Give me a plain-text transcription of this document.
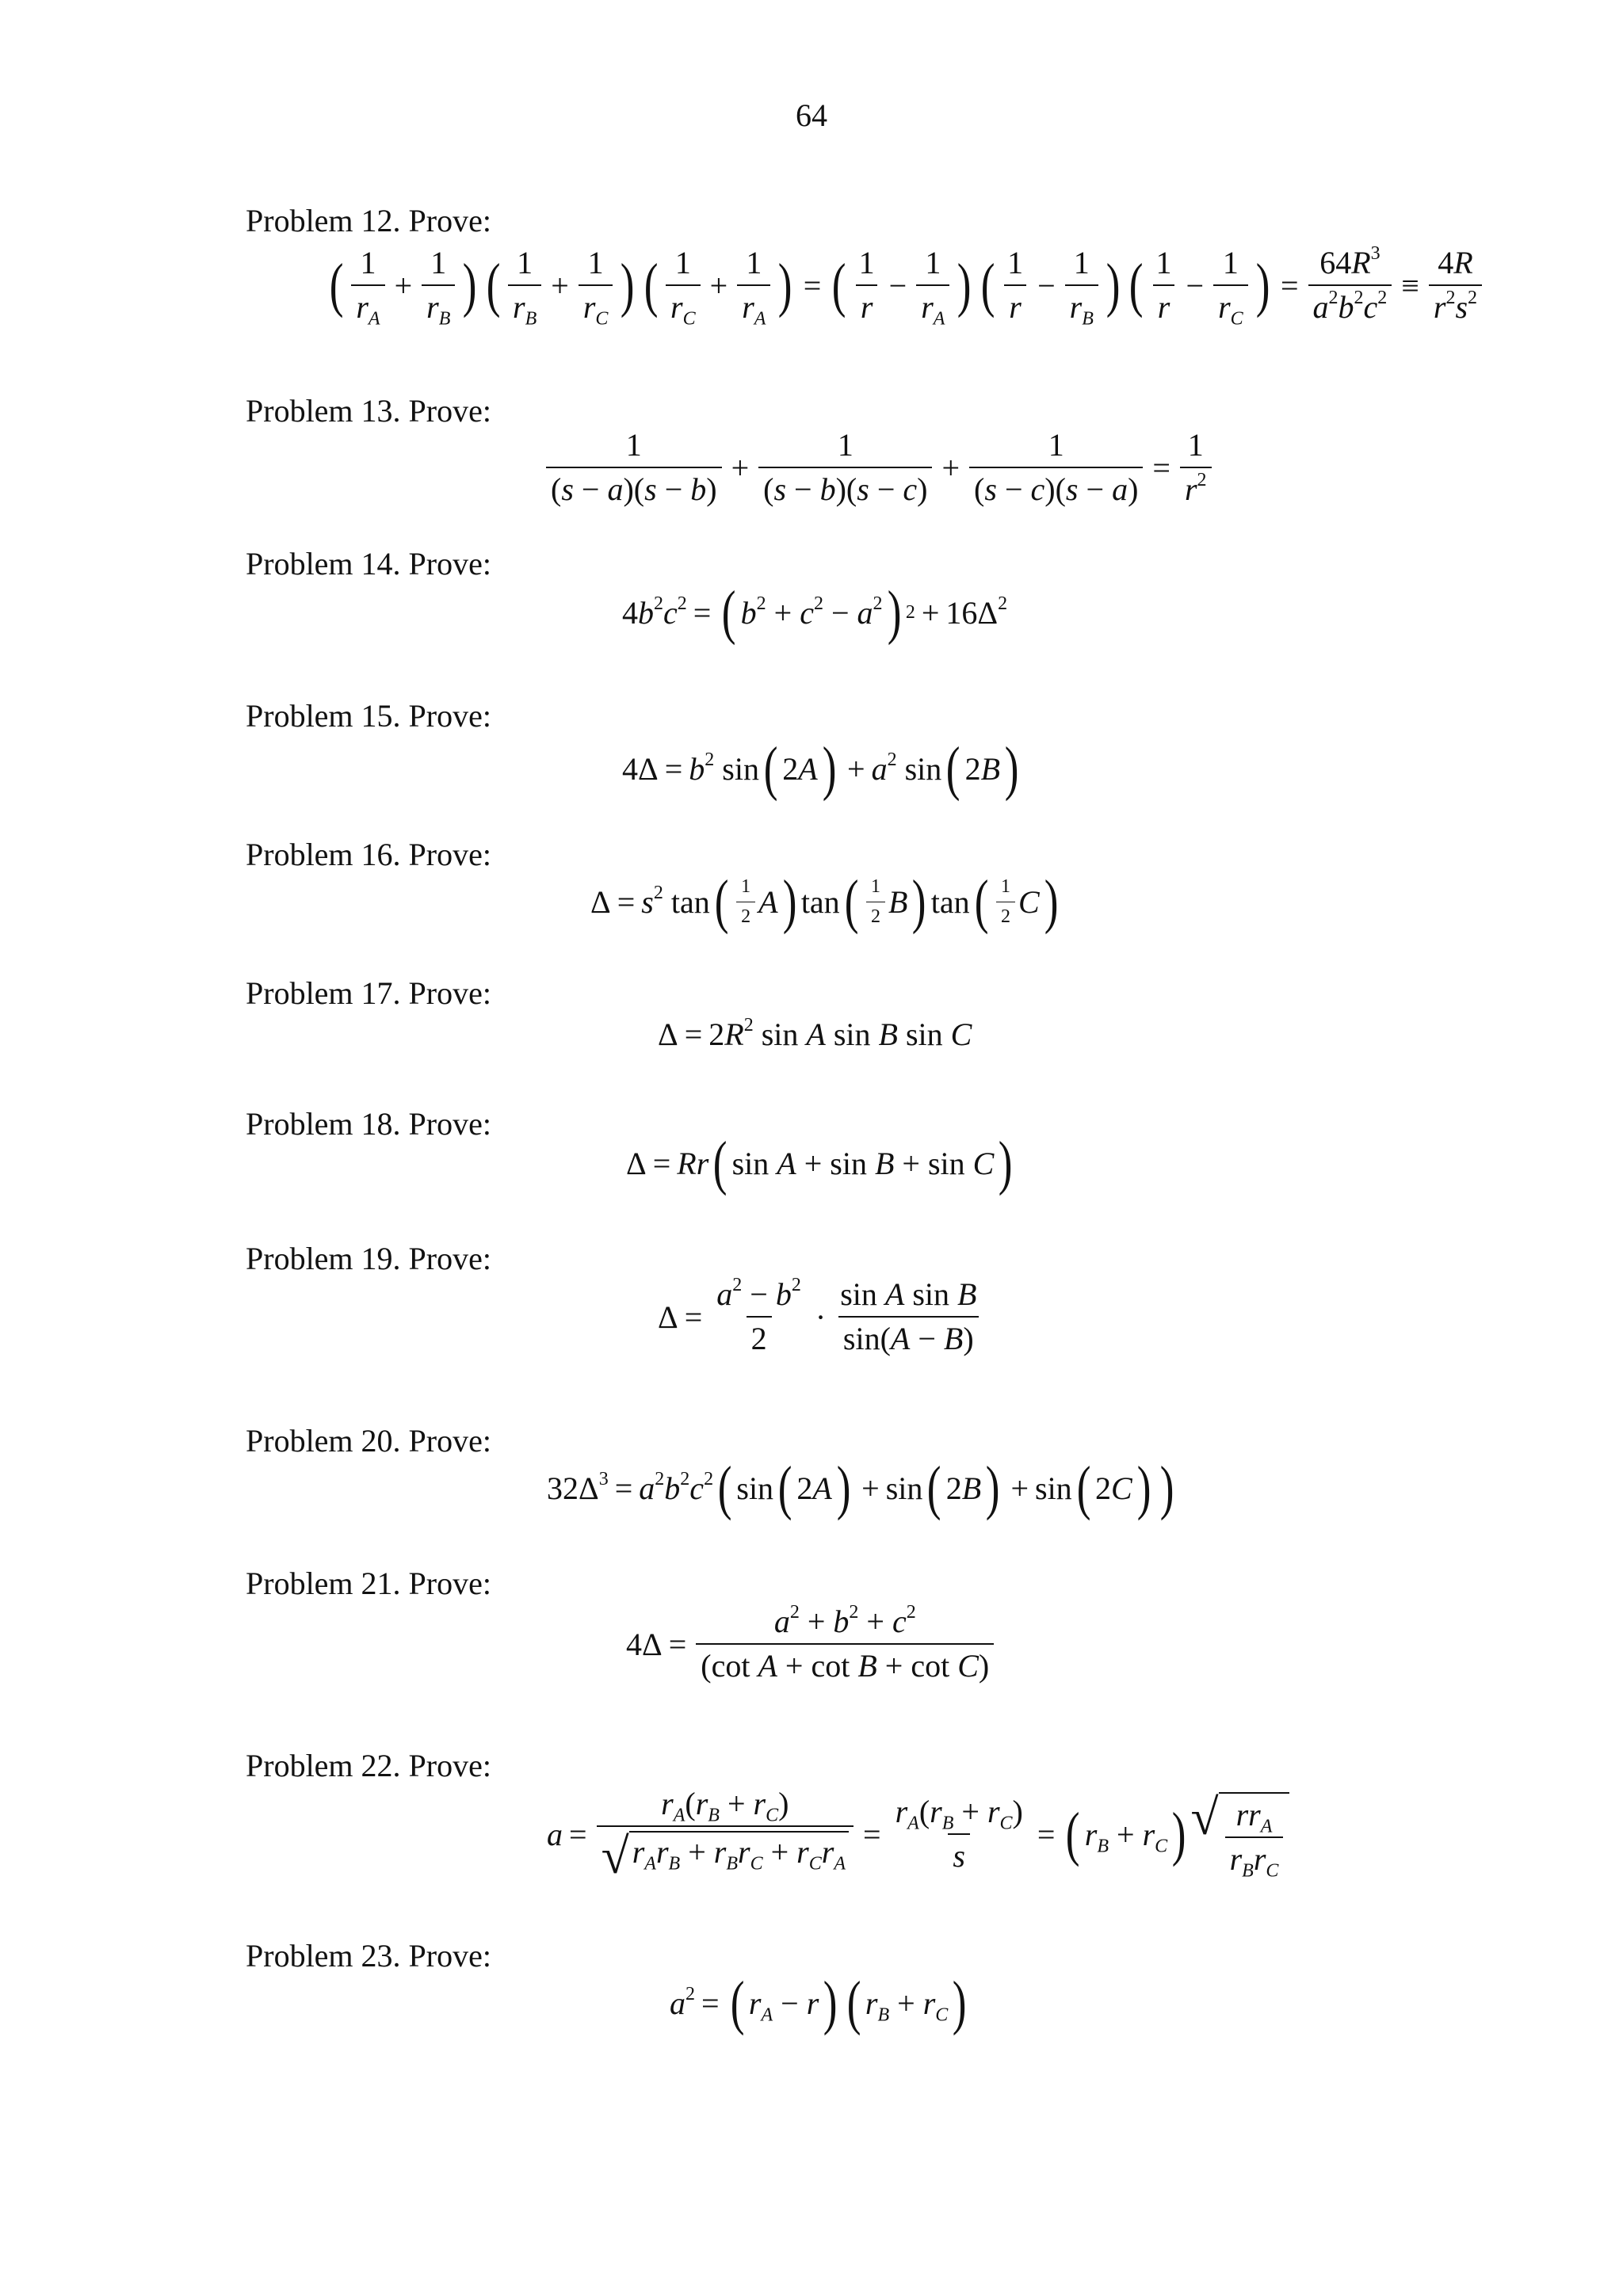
64
Problem 12. Prove:
( $\frac{1}{r_A} + \frac{1}{r_B}$ ) ( $\frac{1}{r_B} + \frac{1}{r_C}$ ) ( $\frac{1}{r_C} + \frac{1}{r_A}$ ) = ( $\frac{1}{r} - \frac{1}{r_A}$ ) ( $\frac{1}{r} - \frac{1}{r_B}$ ) ( $\frac{1}{r} - \frac{1}{r_C}$ ) = $\frac{64R^3}{a^2b^2c^2} \equiv \frac{4R}{r^2s^2}$
Problem 13. Prove:
$\frac{1}{(s - a)(s - b)} + \frac{1}{(s - b)(s - c)} + \frac{1}{(s - c)(s - a)} = \frac{1}{r^2}$
Problem 14. Prove:
$4b^2c^2$ = ( $b^2 + c^2 - a^2$ ) $2 + 16\Delta^2$
Problem 15. Prove:
$4\Delta = b^2$ sin ( 2A ) + $a^2$ sin ( 2B )
Problem 16. Prove:
$\Delta = s^2$ tan ( $\frac{1}{2}$ A ) tan ( $\frac{1}{2}$ B ) tan ( $\frac{1}{2}$ C )
Problem 17. Prove:
$\Delta = 2R^2$ sin A sin B sin C
Problem 18. Prove:
Δ = Rr ( sin A + sin B + sin C )
Problem 19. Prove:
$\Delta = \frac{a^2 - b^2}{2} \cdot \frac{\text{sin A sin B}}{\sin(A - B)}$
Problem 20. Prove:
$32\Delta^3 = a^2b^2c^2$ ( sin ( 2A ) + sin ( 2B ) + sin ( 2C ) )
Problem 21. Prove:
$4\Delta = \frac{a^2 + b^2 + c^2}{\text{(cot A + cot B + cot C)}}$
Problem 22. Prove:
$a = \frac{r_A(r_B + r_C)}{√ r_Ar_B + r_Br_C + r_Cr_A} = \frac{r_A(r_B + r_C)}{s}$ = ( $r_B + r_C$ ) √ $\frac{rr_A}{r_Br_C}$
Problem 23. Prove:
$a^2$ = ( $r_A - r$ ) ( $r_B + r_C$ )
